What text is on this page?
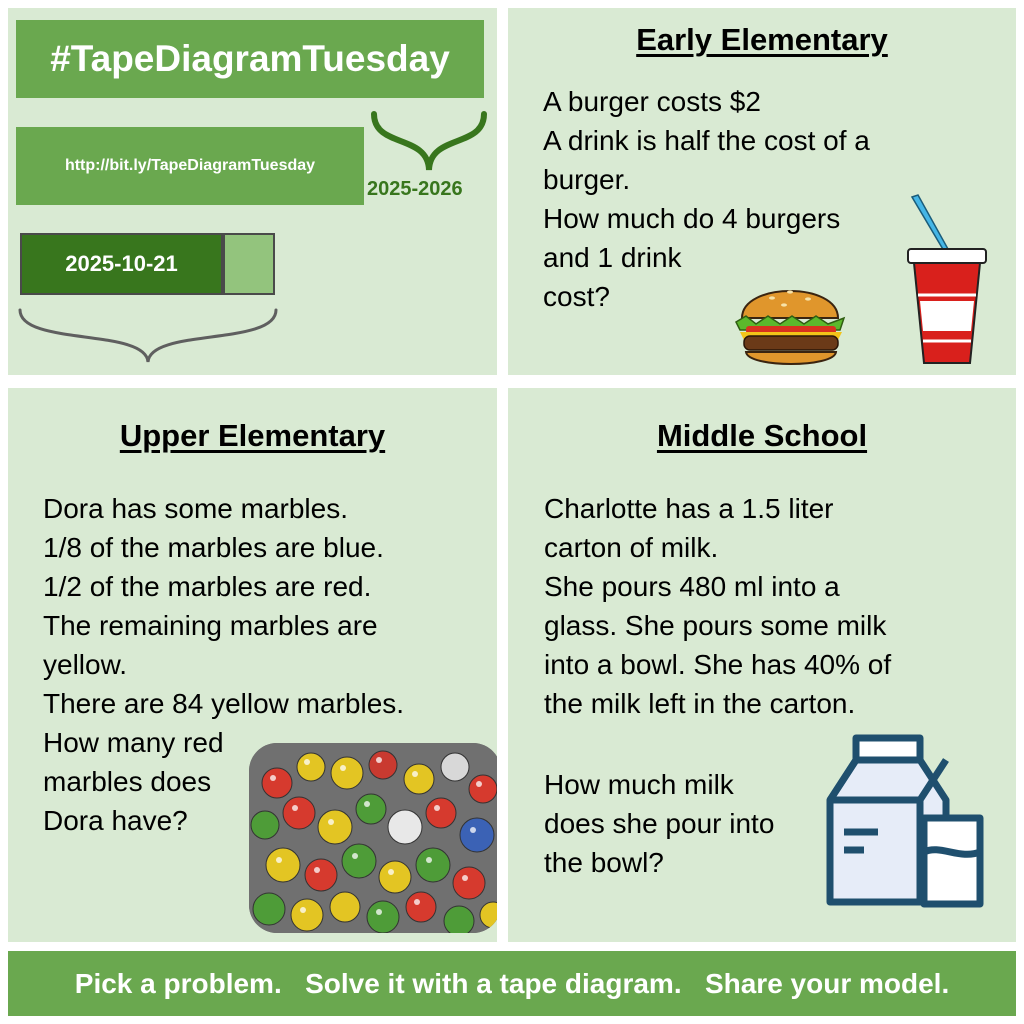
#TapeDiagramTuesday
http://bit.ly/TapeDiagramTuesday
2025-2026
2025-10-21
Early Elementary
A burger costs $2
A drink is half the cost of a
burger.
How much do 4 burgers
and 1 drink
cost?
Upper Elementary
Dora has some marbles.
1/8 of the marbles are blue.
1/2 of the marbles are red.
The remaining marbles are
yellow.
There are 84 yellow marbles.
How many red
marbles does
Dora have?
Middle School
Charlotte has a 1.5 liter
carton of milk.
She pours 480 ml into a
glass. She pours some milk
into a bowl. She has 40% of
the milk left in the carton.
How much milk
does she pour into
the bowl?
Pick a problem.   Solve it with a tape diagram.   Share your model.
